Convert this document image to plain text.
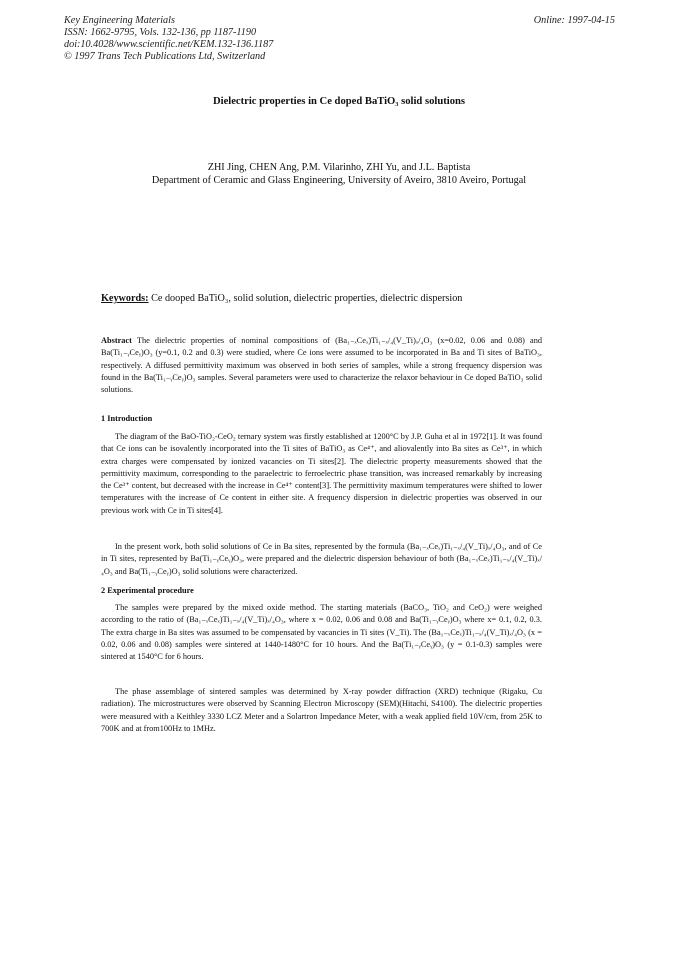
Key Engineering Materials
ISSN: 1662-9795, Vols. 132-136, pp 1187-1190
doi:10.4028/www.scientific.net/KEM.132-136.1187
© 1997 Trans Tech Publications Ltd, Switzerland
Online: 1997-04-15
Dielectric properties in Ce doped BaTiO₃ solid solutions
ZHI Jing, CHEN Ang, P.M. Vilarinho, ZHI Yu, and J.L. Baptista
Department of Ceramic and Glass Engineering, University of Aveiro, 3810 Aveiro, Portugal
Keywords: Ce dooped BaTiO₃, solid solution, dielectric properties, dielectric dispersion
Abstract The dielectric properties of nominal compositions of (Ba₁₋ₓCeₓ)Ti₁₋ₓ/₄(V_Ti)ₓ/₄O₃ (x=0.02, 0.06 and 0.08) and Ba(Ti₁₋ᵧCeᵧ)O₃ (y=0.1, 0.2 and 0.3) were studied, where Ce ions were assumed to be incorporated in Ba and Ti sites of BaTiO₃, respectively. A diffused permittivity maximum was observed in both series of samples, while a strong frequency dispersion was found in the Ba(Ti₁₋ᵧCeᵧ)O₃ samples. Several parameters were used to characterize the relaxor behaviour in Ce doped BaTiO₃ solid solutions.
1 Introduction
The diagram of the BaO-TiO₂-CeO₂ ternary system was firstly established at 1200°C by J.P. Guha et al in 1972[1]. It was found that Ce ions can be isovalently incorporated into the Ti sites of BaTiO₃ as Ce⁴⁺, and aliovalently into Ba sites as Ce³⁺, in which extra charges were compensated by ionized vacancies on Ti sites[2]. The dielectric property measurements showed that the permittivity maximum, corresponding to the paraelectric to ferroelectric phase transition, was increased remarkably by increasing the Ce³⁺ content, but decreased with the increase in Ce⁴⁺ content[3]. The permittivity maximum temperatures were shifted to lower temperatures with the increase of Ce content in either site. A frequency dispersion in dielectric properties was observed in our previous work with Ce in Ti sites[4].
In the present work, both solid solutions of Ce in Ba sites, represented by the formula (Ba₁₋ₓCeₓ)Ti₁₋ₓ/₄(V_Ti)ₓ/₄O₃, and of Ce in Ti sites, represented by Ba(Ti₁₋ᵧCeᵧ)O₃, were prepared and the dielectric dispersion behaviour of both (Ba₁₋ₓCeₓ)Ti₁₋ₓ/₄(V_Ti)ₓ/₄O₃ and Ba(Ti₁₋ᵧCeᵧ)O₃ solid solutions were characterized.
2 Experimental procedure
The samples were prepared by the mixed oxide method. The starting materials (BaCO₃, TiO₂ and CeO₂) were weighed according to the ratio of (Ba₁₋ₓCeₓ)Ti₁₋ₓ/₄(V_Ti)ₓ/₄O₃, where x = 0.02, 0.06 and 0.08 and Ba(Ti₁₋ᵧCeᵧ)O₃ where x= 0.1, 0.2, 0.3. The extra charge in Ba sites was assumed to be compensated by vacancies in Ti sites (V_Ti). The (Ba₁₋ₓCeₓ)Ti₁₋ₓ/₄(V_Ti)ₓ/₄O₃ (x = 0.02, 0.06 and 0.08) samples were sintered at 1440-1480°C for 10 hours. And the Ba(Ti₁₋ᵧCeᵧ)O₃ (y = 0.1-0.3) samples were sintered at 1540°C for 6 hours.
The phase assemblage of sintered samples was determined by X-ray powder diffraction (XRD) technique (Rigaku, Cu radiation). The microstructures were observed by Scanning Electron Microscopy (SEM)(Hitachi, S4100). The dielectric properties were measured with a Keithley 3330 LCZ Meter and a Solartron Impedance Meter, with a weak applied field 10V/cm, from 25K to 700K and at from100Hz to 1MHz.
